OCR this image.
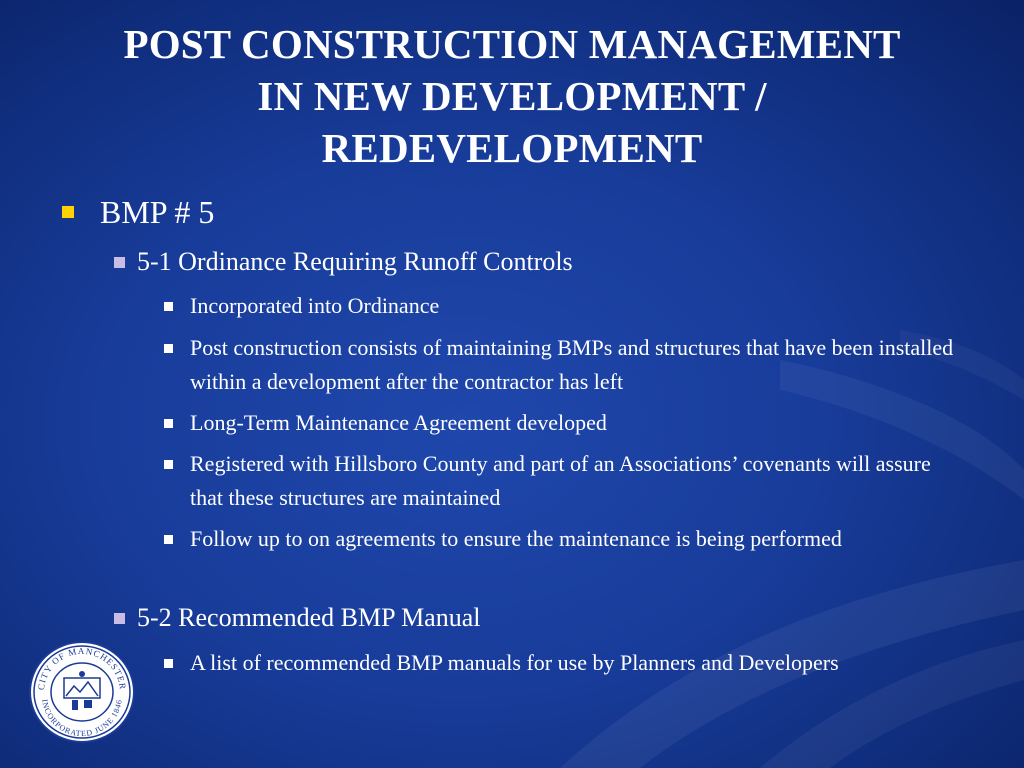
POST CONSTRUCTION MANAGEMENT
IN NEW DEVELOPMENT /
REDEVELOPMENT
BMP # 5
5-1 Ordinance Requiring Runoff Controls
Incorporated into Ordinance
Post construction consists of maintaining BMPs and structures that have been installed within a development after the contractor has left
Long-Term Maintenance Agreement developed
Registered with Hillsboro County and part of an Associations’ covenants will assure that these structures are maintained
Follow up to on agreements to ensure the maintenance is being performed
5-2 Recommended BMP Manual
A list of recommended BMP manuals for use by Planners and Developers
CITY OF MANCHESTER
INCORPORATED JUNE 1846
